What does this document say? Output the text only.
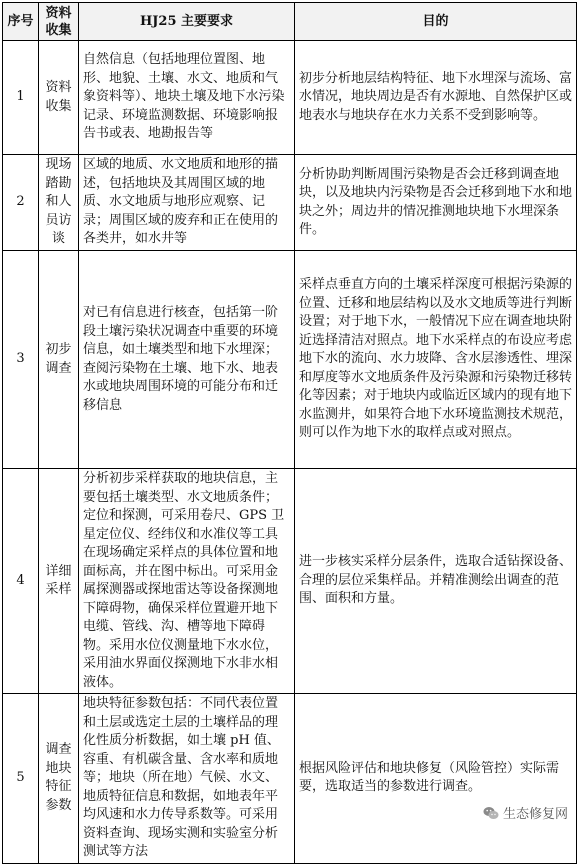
序号	资料收集	HJ25 主要要求	目的
1	资料收集	自然信息（包括地理位置图、地形、地貌、土壤、水文、地质和气象资料等）、地块土壤及地下水污染记录、环境监测数据、环境影响报告书或表、地勘报告等	初步分析地层结构特征、地下水埋深与流场、富水情况，地块周边是否有水源地、自然保护区或地表水与地块存在水力关系不受到影响等。
2	现场踏勘和人员访谈	区域的地质、水文地质和地形的描述，包括地块及其周围区域的地质、水文地质与地形应观察、记录；周围区域的废弃和正在使用的各类井，如水井等	分析协助判断周围污染物是否会迁移到调查地块，以及地块内污染物是否会迁移到地下水和地块之外；周边井的情况推测地块地下水埋深条件。
3	初步调查	对已有信息进行核查，包括第一阶段土壤污染状况调查中重要的环境信息，如土壤类型和地下水埋深；查阅污染物在土壤、地下水、地表水或地块周围环境的可能分布和迁移信息	采样点垂直方向的土壤采样深度可根据污染源的位置、迁移和地层结构以及水文地质等进行判断设置；对于地下水，一般情况下应在调查地块附近选择清洁对照点。地下水采样点的布设应考虑地下水的流向、水力坡降、含水层渗透性、埋深和厚度等水文地质条件及污染源和污染物迁移转化等因素；对于地块内或临近区域内的现有地下水监测井，如果符合地下水环境监测技术规范，则可以作为地下水的取样点或对照点。
4	详细采样	分析初步采样获取的地块信息，主要包括土壤类型、水文地质条件；定位和探测，可采用卷尺、GPS 卫星定位仪、经纬仪和水准仪等工具在现场确定采样点的具体位置和地面标高，并在图中标出。可采用金属探测器或探地雷达等设备探测地下障碍物，确保采样位置避开地下电缆、管线、沟、槽等地下障碍物。采用水位仪测量地下水水位，采用油水界面仪探测地下水非水相液体。	进一步核实采样分层条件，选取合适钻探设备、合理的层位采集样品。并精准测绘出调查的范围、面积和方量。
5	调查地块特征参数	地块特征参数包括：不同代表位置和土层或选定土层的土壤样品的理化性质分析数据，如土壤 pH 值、容重、有机碳含量、含水率和质地等；地块（所在地）气候、水文、地质特征信息和数据，如地表年平均风速和水力传导系数等。可采用资料查询、现场实测和实验室分析测试等方法	根据风险评估和地块修复（风险管控）实际需要，选取适当的参数进行调查。
生态修复网
